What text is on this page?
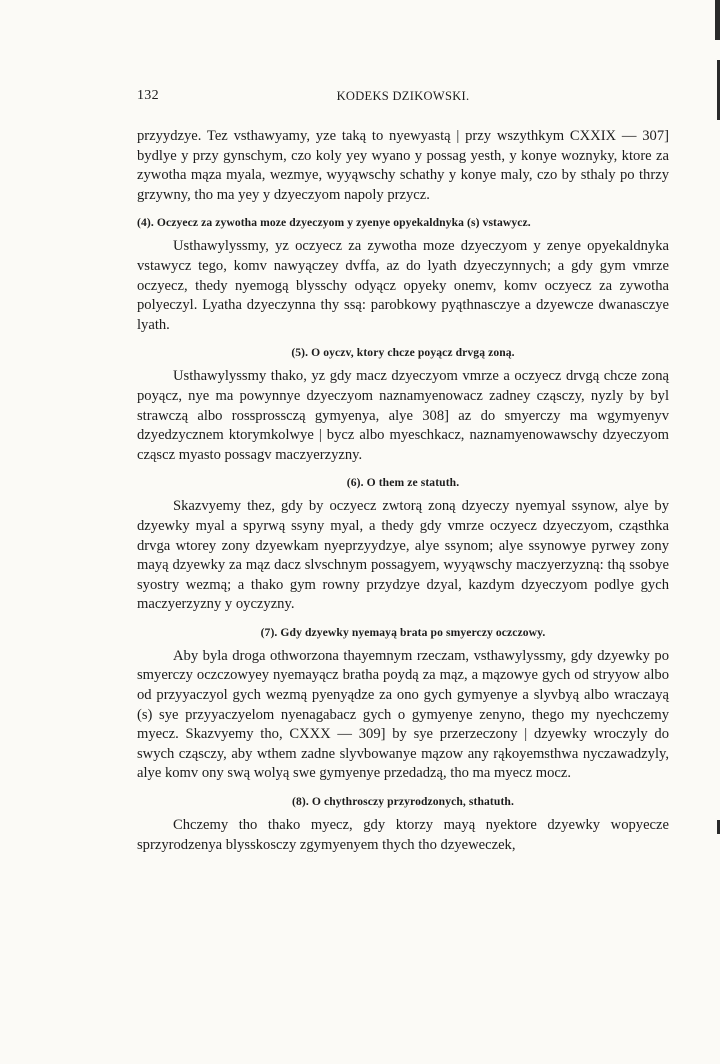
132	KODEKS DZIKOWSKI.

przyydzye. Tez vsthawyamy, yze taką to nyewyastą | przy wszythkym CXXIX — 307] bydlye y przy gynschym, czo koly yey wyano y possag yesth, y konye woznyky, ktore za zywotha mąza myala, wezmye, wyyąwschy schathy y konye maly, czo by sthaly po thrzy grzywny, tho ma yey y dzyeczyom napoly przycz.

(4). Oczyecz za zywotha moze dzyeczyom y zyenye opyekaldnyka (s) vstawycz.

Usthawylyssmy, yz oczyecz za zywotha moze dzyeczyom y zenye opyekaldnyka vstawycz tego, komv nawyączey dvffa, az do lyath dzyeczynnych; a gdy gym vmrze oczyecz, thedy nyemogą blysschy odyącz opyeky onemv, komv oczyecz za zywotha polyeczyl. Lyatha dzyeczynna thy ssą: parobkowy pyąthnasczye a dzyewcze dwanasczye lyath.

(5). O oyczv, ktory chcze poyącz drvgą zoną.

Usthawylyssmy thako, yz gdy macz dzyeczyom vmrze a oczyecz drvgą chcze zoną poyącz, nye ma powynnye dzyeczyom naznamyenowacz zadney cząsczy, nyzly by byl strawczą albo rossprossczą gymyenya, alye 308] az do smyerczy ma wgymyenyv dzyedzycznem ktorymkolwye | bycz albo myeschkacz, naznamyenowawschy dzyeczyom cząscz myasto possagv maczyerzyzny.

(6). O them ze statuth.

Skazvyemy thez, gdy by oczyecz zwtorą zoną dzyeczy nyemyal ssynow, alye by dzyewky myal a spyrwą ssyny myal, a thedy gdy vmrze oczyecz dzyeczyom, cząsthka drvga wtorey zony dzyewkam nyeprzyydzye, alye ssynom; alye ssynowye pyrwey zony mayą dzyewky za mąz dacz slvschnym possagyem, wyyąwschy maczyerzyzną: thą ssobye syostry wezmą; a thako gym rowny przydzye dzyal, kazdym dzyeczyom podlye gych maczyerzyzny y oyczyzny.

(7). Gdy dzyewky nyemayą brata po smyerczy oczczowy.

Aby byla droga othworzona thayemnym rzeczam, vsthawylyssmy, gdy dzyewky po smyerczy oczczowyey nyemayącz bratha poydą za mąz, a mązowye gych od stryyow albo od przyyaczyol gych wezmą pyenyądze za ono gych gymyenye a slyvbyą albo wraczayą (s) sye przyyaczyelom nyenagabacz gych o gymyenye zenyno, thego my nyechczemy myecz. Skazvyemy tho, CXXX — 309] by sye przerzeczony | dzyewky wroczyly do swych cząsczy, aby wthem zadne slyvbowanye mązow any rąkoyemsthwa nyczawadzyly, alye komv ony swą wolyą swe gymyenye przedadzą, tho ma myecz mocz.

(8). O chythrosczy przyrodzonych, sthatuth.

Chczemy tho thako myecz, gdy ktorzy mayą nyektore dzyewky wopyecze sprzyrodzenya blysskosczy zgymyenyem thych tho dzyeweczek,
